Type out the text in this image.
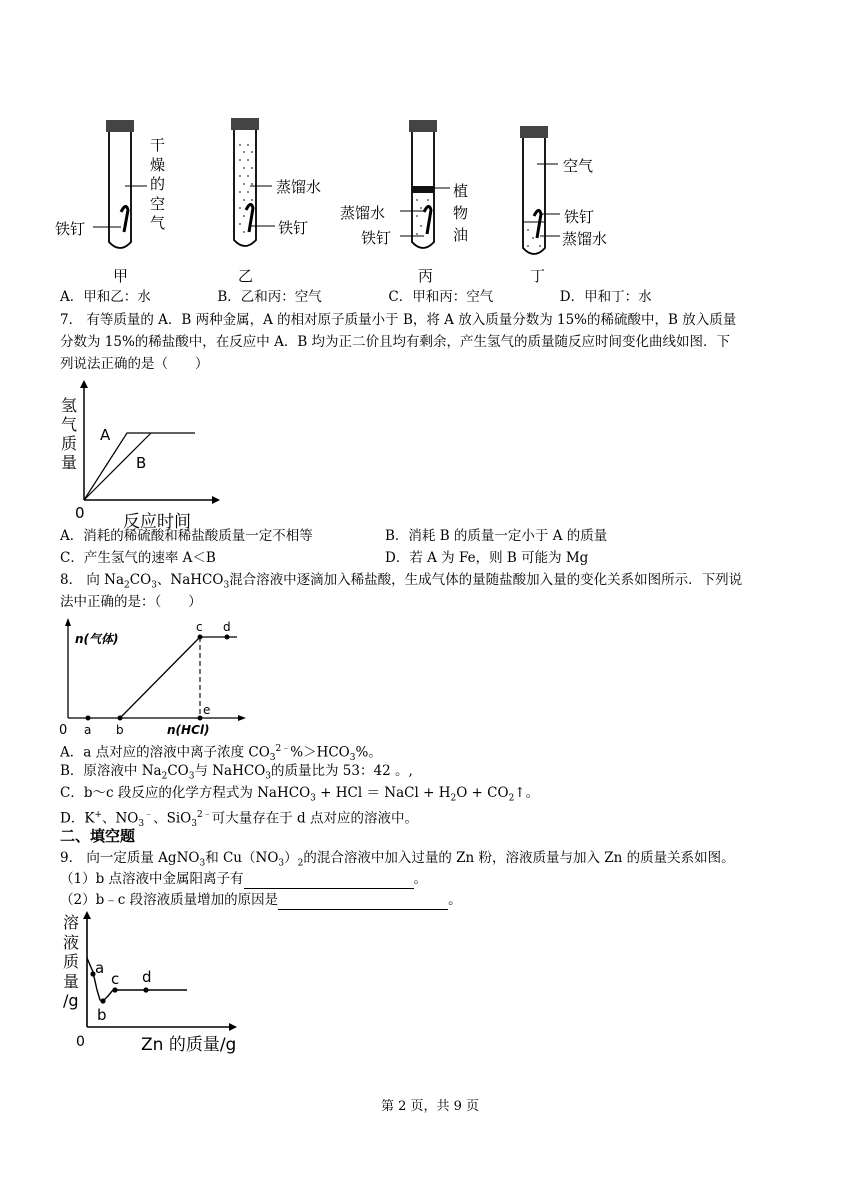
干
燥
的
空
气
铁钉
甲
蒸馏水
铁钉
乙
植
物
油
蒸馏水
铁钉
丙
空气
铁钉
蒸馏水
丁
A．甲和乙：水	B．乙和丙：空气	C．甲和丙：空气	D．甲和丁：水
7． 有等质量的 A．B 两种金属，A 的相对原子质量小于 B，将 A 放入质量分数为 15%的稀硫酸中，B 放入质量
分数为 15%的稀盐酸中，在反应中 A．B 均为正二价且均有剩余，产生氢气的质量随反应时间变化曲线如图．下
列说法正确的是（　　）
A
B
0
氢
气
质
量
反应时间
A．消耗的稀硫酸和稀盐酸质量一定不相等	B．消耗 B 的质量一定小于 A 的质量
C．产生氢气的速率 A＜B	D．若 A 为 Fe，则 B 可能为 Mg
8． 向 $Na_2CO_3$、NaHCO$_3$混合溶液中逐滴加入稀盐酸，生成气体的量随盐酸加入量的变化关系如图所示．下列说
法中正确的是：（　　）
n(气体)
0 a b
c d
e
n(HCl)
A．a 点对应的溶液中离子浓度 $CO_3^{2﹣}\%>HCO_3\%$。
B．原溶液中 $Na_2CO_3$与 NaHCO$_3$的质量比为 53：42 。,
C．b～c 段反应的化学方程式为 NaHCO$_3$ + HCl ＝ NaCl + $H_2O$ + $CO_2↑$。
D．K+、$NO_3^﹣$、SiO$_3^{2﹣}$可大量存在于 d 点对应的溶液中。
二、填空题
9． 向一定质量 AgNO$_3$和 $Cu(NO_3)_2$的混合溶液中加入过量的 Zn 粉，溶液质量与加入 Zn 的质量关系如图。
（1）b 点溶液中金属阳离子有	。
（2）b﹣c 段溶液质量增加的原因是	。
a
b
c d
0	Zn 的质量/g
溶
液
质
量
/g
第 2 页，共 9 页
